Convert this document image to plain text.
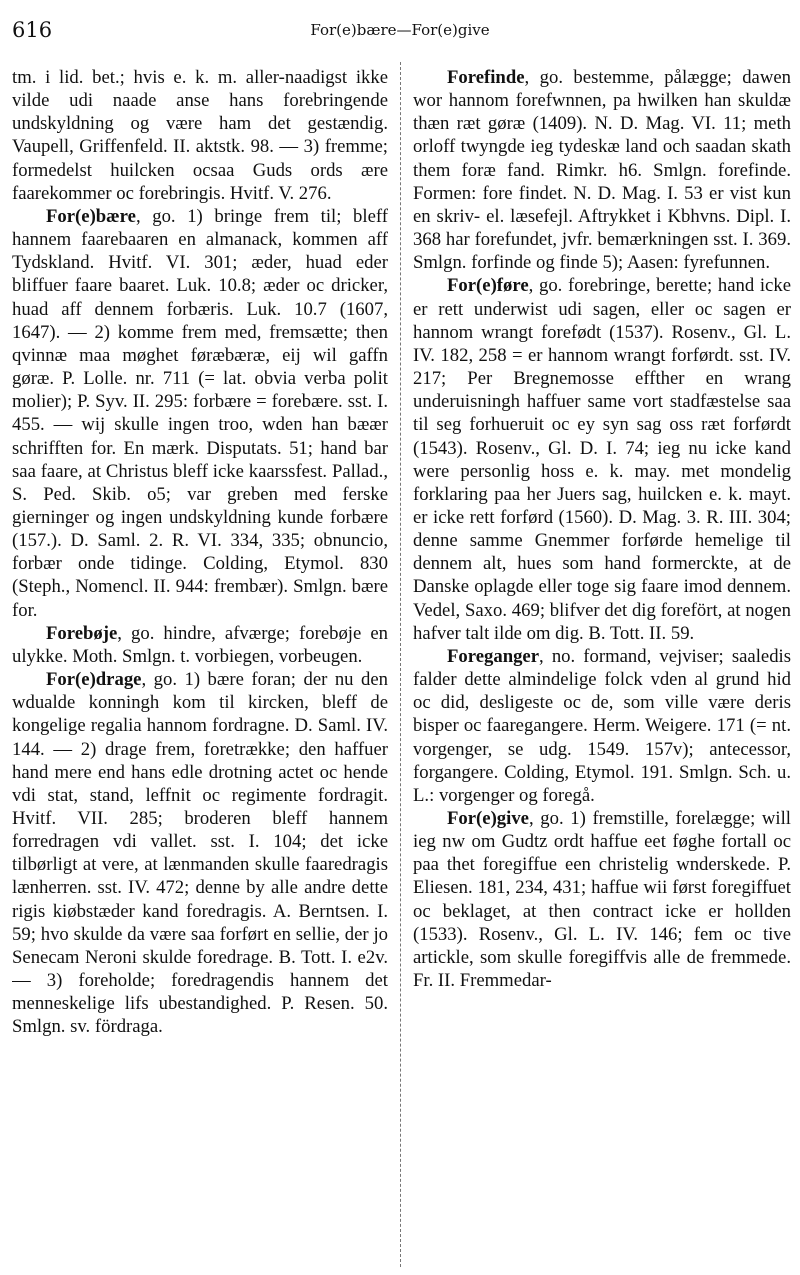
616	For(e)bære—For(e)give

tm. i lid. bet.; hvis e. k. m. aller-naadigst ikke vilde udi naade anse hans forebringende undskyldning og være ham det gestændig. Vaupell, Griffenfeld. II. aktstk. 98. — 3) fremme; formedelst huilcken ocsaa Guds ords ære faarekommer oc forebringis. Hvitf. V. 276.

For(e)bære, go. 1) bringe frem til; bleff hannem faarebaaren en almanack, kommen aff Tydskland. Hvitf. VI. 301; æder, huad eder bliffuer faare baaret. Luk. 10.8; æder oc dricker, huad aff dennem forbæris. Luk. 10.7 (1607, 1647). — 2) komme frem med, fremsætte; then qvinnæ maa møghet føræbæræ, eij wil gaffn gøræ. P. Lolle. nr. 711 (= lat. obvia verba polit molier); P. Syv. II. 295: forbære = forebære. sst. I. 455. — wij skulle ingen troo, wden han bæær schrifften for. En mærk. Disputats. 51; hand bar saa faare, at Christus bleff icke kaarssfest. Pallad., S. Ped. Skib. o5; var greben med ferske gierninger og ingen undskyldning kunde forbære (157.). D. Saml. 2. R. VI. 334, 335; obnuncio, forbær onde tidinge. Colding, Etymol. 830 (Steph., Nomencl. II. 944: frembær). Smlgn. bære for.

Forebøje, go. hindre, afværge; forebøje en ulykke. Moth. Smlgn. t. vorbiegen, vorbeugen.

For(e)drage, go. 1) bære foran; der nu den wdualde konningh kom til kircken, bleff de kongelige regalia hannom fordragne. D. Saml. IV. 144. — 2) drage frem, foretrække; den haffuer hand mere end hans edle drotning actet oc hende vdi stat, stand, leffnit oc regimente fordragit. Hvitf. VII. 285; broderen bleff hannem forredragen vdi vallet. sst. I. 104; det icke tilbørligt at vere, at lænmanden skulle faaredragis lænherren. sst. IV. 472; denne by alle andre dette rigis kiøbstæder kand foredragis. A. Berntsen. I. 59; hvo skulde da være saa forført en sellie, der jo Senecam Neroni skulde foredrage. B. Tott. I. e2v. — 3) foreholde; foredragendis hannem det menneskelige lifs ubestandighed. P. Resen. 50. Smlgn. sv. fördraga.

Forefinde, go. bestemme, pålægge; dawen wor hannom forefwnnen, pa hwilken han skuldæ thæn ræt gøræ (1409). N. D. Mag. VI. 11; meth orloff twyngde ieg tydeskæ land och saadan skath them foræ fand. Rimkr. h6. Smlgn. forefinde. Formen: fore findet. N. D. Mag. I. 53 er vist kun en skriv- el. læsefejl. Aftrykket i Kbhvns. Dipl. I. 368 har forefundet, jvfr. bemærkningen sst. I. 369. Smlgn. forfinde og finde 5); Aasen: fyrefunnen.

For(e)føre, go. forebringe, berette; hand icke er rett underwist udi sagen, eller oc sagen er hannom wrangt forefødt (1537). Rosenv., Gl. L. IV. 182, 258 = er hannom wrangt forførdt. sst. IV. 217; Per Bregnemosse effther en wrang underuisningh haffuer same vort stadfæstelse saa til seg forhueruit oc ey syn sag oss ræt forførdt (1543). Rosenv., Gl. D. I. 74; ieg nu icke kand were personlig hoss e. k. may. met mondelig forklaring paa her Juers sag, huilcken e. k. mayt. er icke rett forførd (1560). D. Mag. 3. R. III. 304; denne samme Gnemmer forførde hemelige til dennem alt, hues som hand formerckte, at de Danske oplagde eller toge sig faare imod dennem. Vedel, Saxo. 469; blifver det dig forefört, at nogen hafver talt ilde om dig. B. Tott. II. 59.

Foreganger, no. formand, vejviser; saaledis falder dette almindelige folck vden al grund hid oc did, desligeste oc de, som ville være deris bisper oc faaregangere. Herm. Weigere. 171 (= nt. vorgenger, se udg. 1549. 157v); antecessor, forgangere. Colding, Etymol. 191. Smlgn. Sch. u. L.: vorgenger og foregå.

For(e)give, go. 1) fremstille, forelægge; will ieg nw om Gudtz ordt haffue eet føghe fortall oc paa thet foregiffue een christelig wnderskede. P. Eliesen. 181, 234, 431; haffue wii først foregiffuet oc beklaget, at then contract icke er hollden (1533). Rosenv., Gl. L. IV. 146; fem oc tive artickle, som skulle foregiffvis alle de fremmede. Fr. II. Fremmedar-
